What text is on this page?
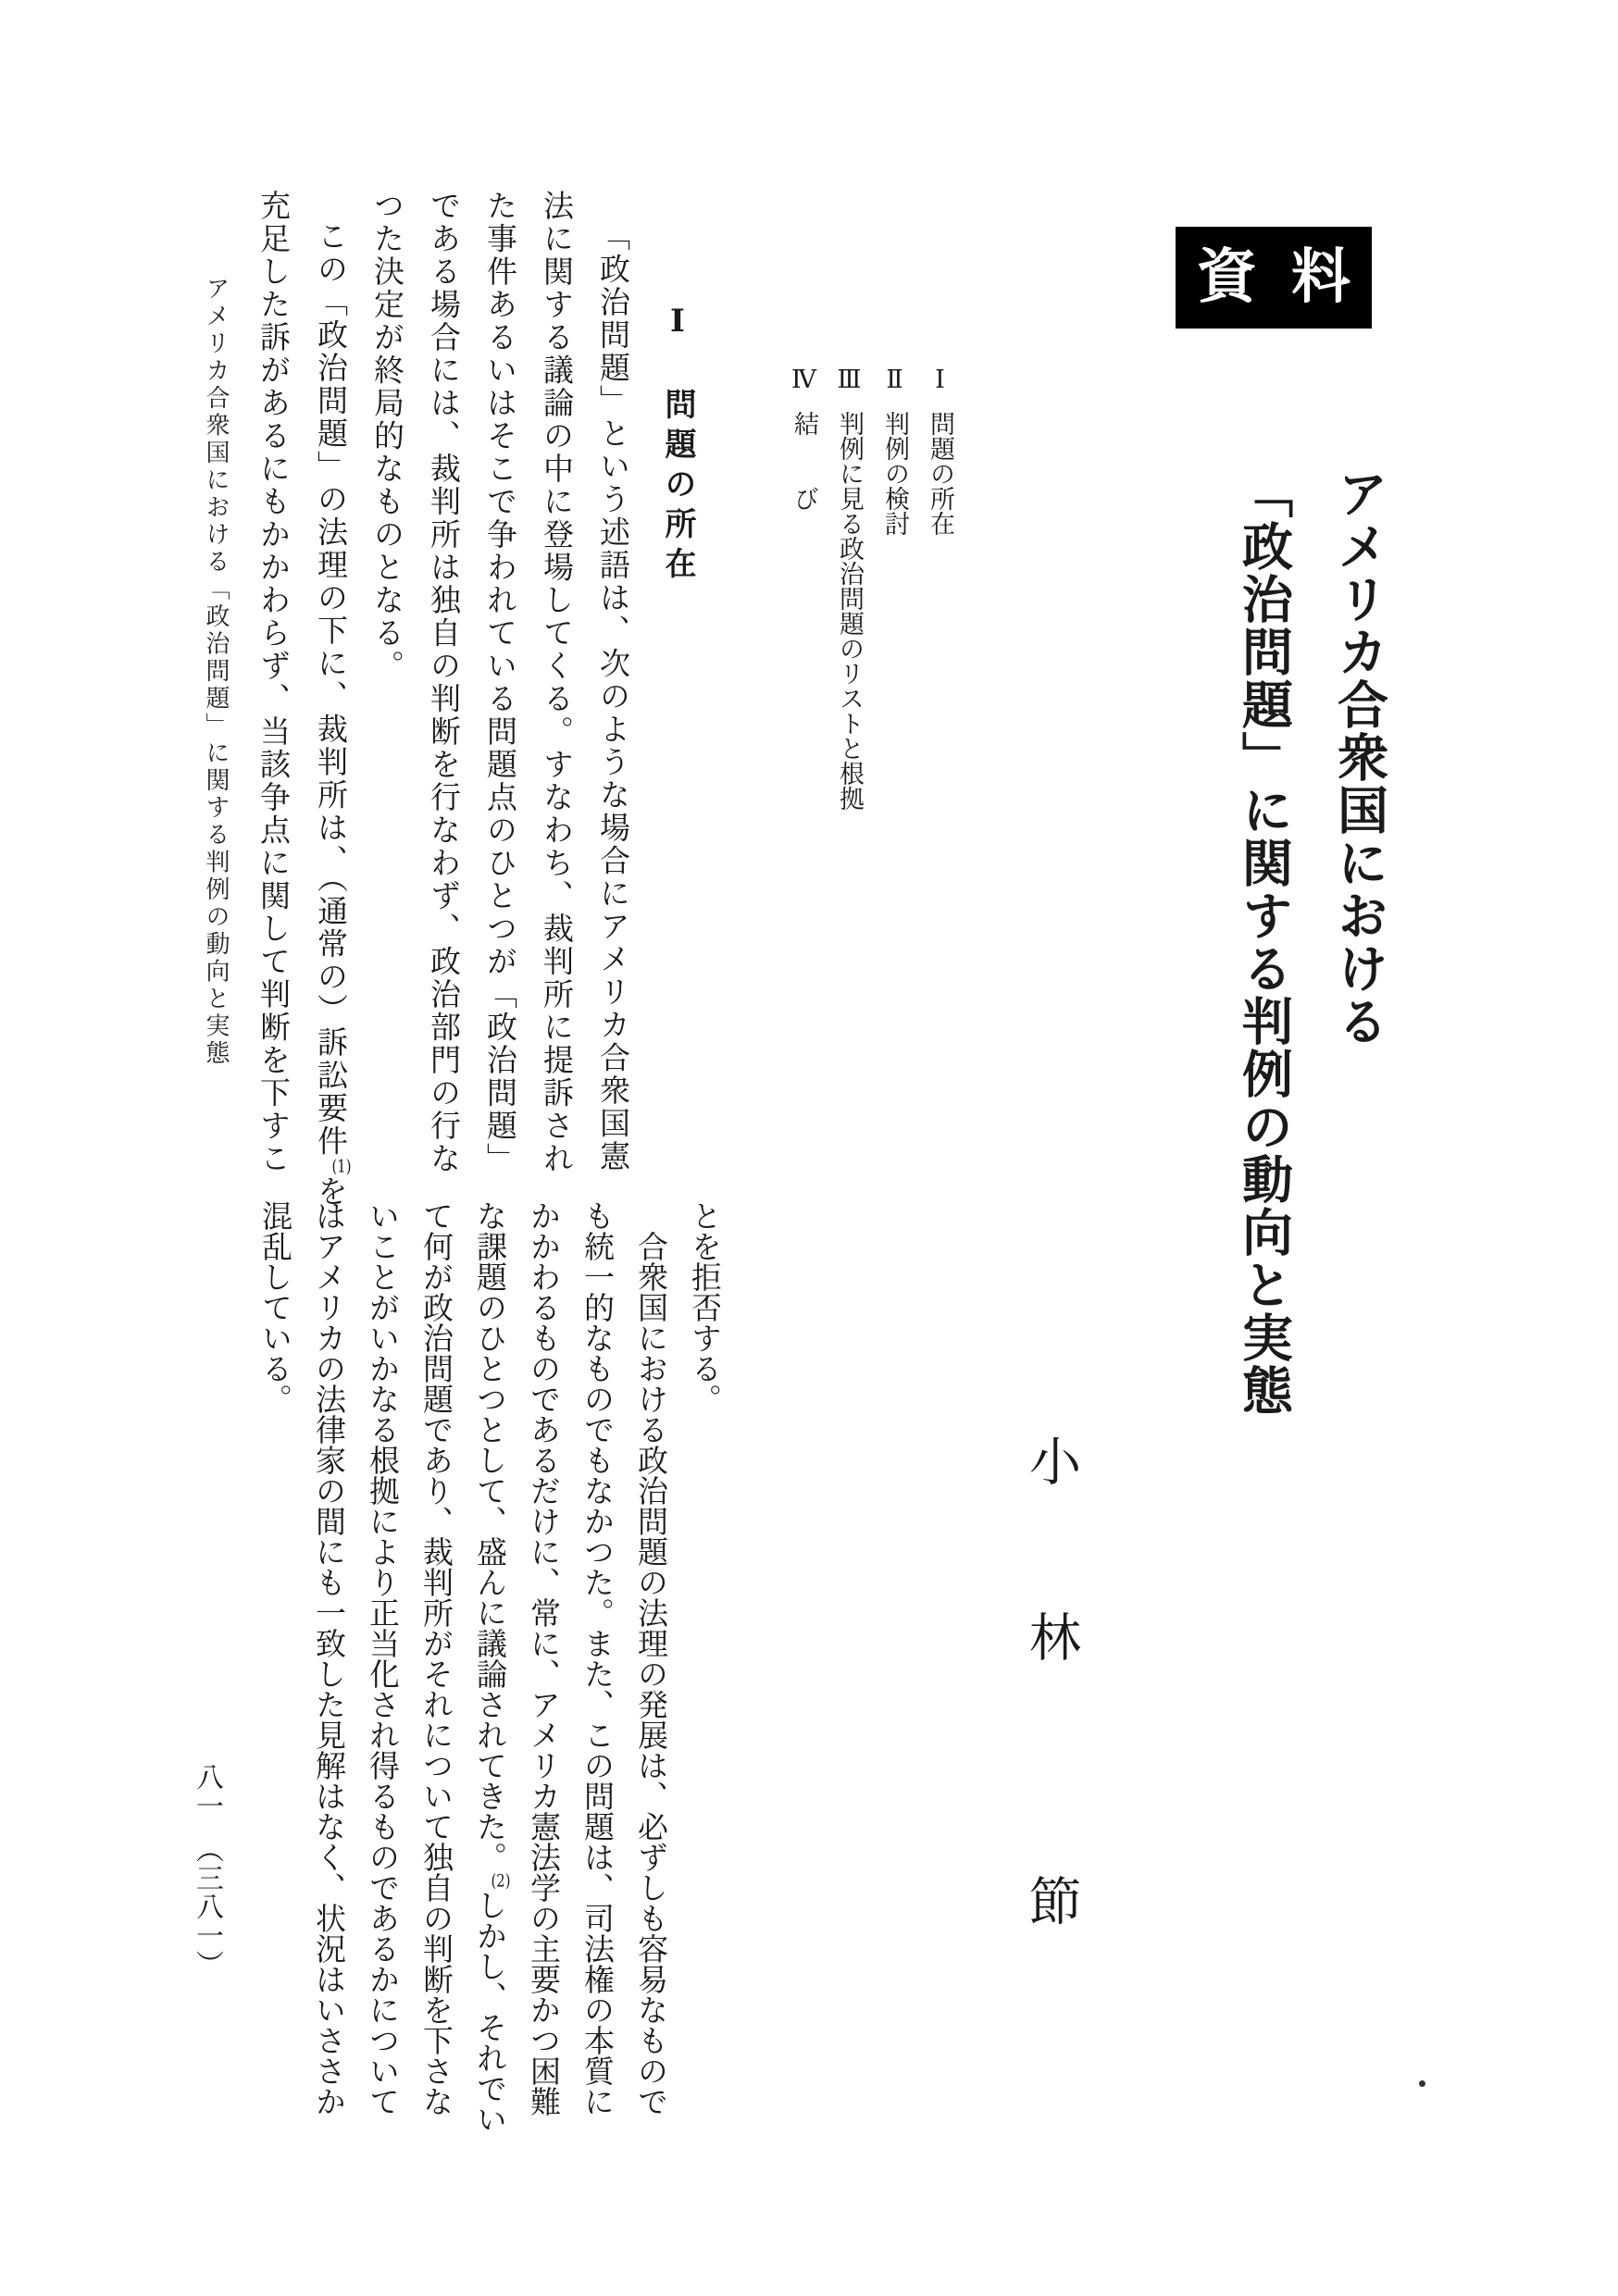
資料
アメリカ合衆国における
「政治問題」に関する判例の動向と実態
小　林　　節
Ⅰ問題の所在
Ⅱ判例の検討
Ⅲ判例に見る政治問題のリストと根拠
Ⅳ結　　び
Ⅰ　問題の所在
「政治問題」という述語は、次のような場合にアメリカ合衆国憲
法に関する議論の中に登場してくる。すなわち、裁判所に提訴され
た事件あるいはそこで争われている問題点のひとつが「政治問題」
である場合には、裁判所は独自の判断を行なわず、政治部門の行な
つた決定が終局的なものとなる。
この「政治問題」の法理の下に、裁判所は、（通常の）訴訟要件(1)を
充足した訴があるにもかかわらず、当該争点に関して判断を下すこ
とを拒否する。
合衆国における政治問題の法理の発展は、必ずしも容易なもので
も統一的なものでもなかつた。また、この問題は、司法権の本質に
かかわるものであるだけに、常に、アメリカ憲法学の主要かつ困難
な課題のひとつとして、盛んに議論されてきた。(2)しかし、それでい
て何が政治問題であり、裁判所がそれについて独自の判断を下さな
いことがいかなる根拠により正当化され得るものであるかについて
はアメリカの法律家の間にも一致した見解はなく、状況はいささか
混乱している。
アメリカ合衆国における「政治問題」に関する判例の動向と実態
八一　（三八一）
